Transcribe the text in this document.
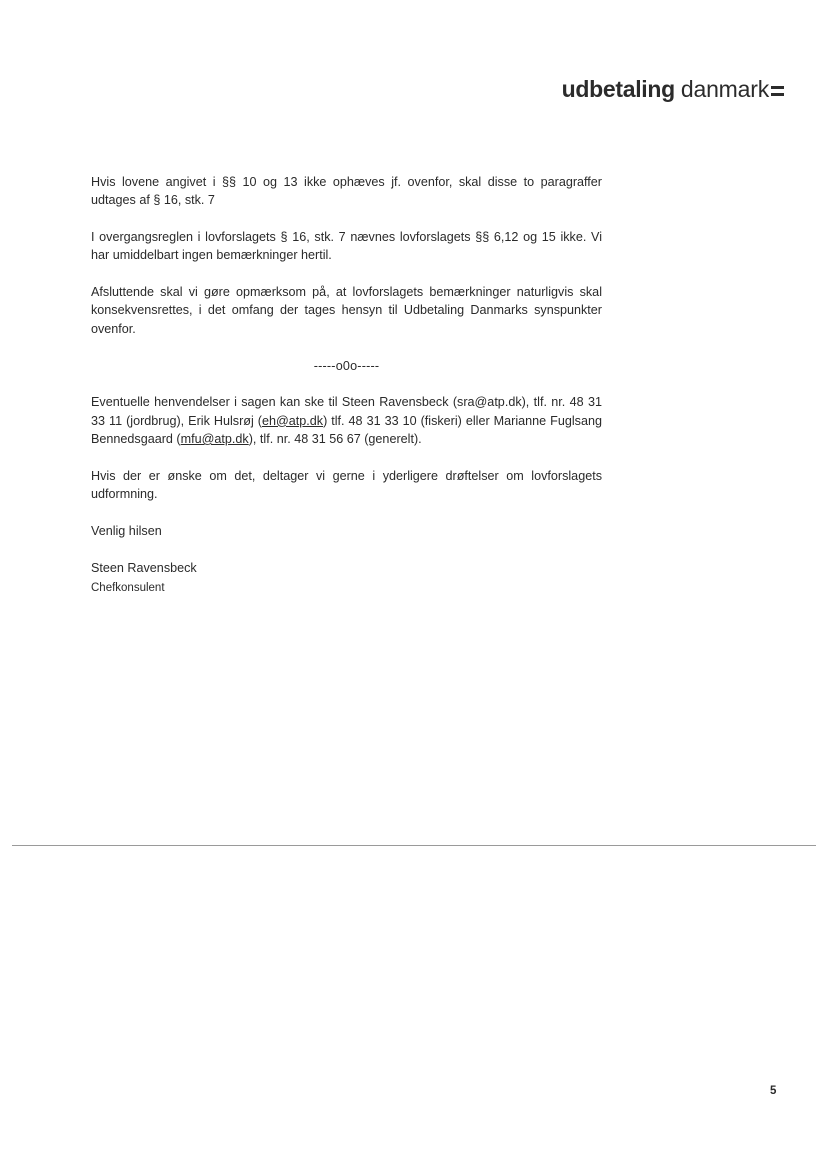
udbetaling danmark

Hvis lovene angivet i §§ 10 og 13 ikke ophæves jf. ovenfor, skal disse to paragraffer udtages af § 16, stk. 7

I overgangsreglen i lovforslagets § 16, stk. 7 nævnes lovforslagets §§ 6,12 og 15 ikke. Vi har umiddelbart ingen bemærkninger hertil.

Afsluttende skal vi gøre opmærksom på, at lovforslagets bemærkninger naturligvis skal konsekvensrettes, i det omfang der tages hensyn til Udbetaling Danmarks synspunkter ovenfor.

-----o0o-----

Eventuelle henvendelser i sagen kan ske til Steen Ravensbeck (sra@atp.dk), tlf. nr. 48 31 33 11 (jordbrug), Erik Hulsrøj (eh@atp.dk) tlf. 48 31 33 10 (fiskeri) eller Marianne Fuglsang Bennedsgaard (mfu@atp.dk), tlf. nr. 48 31 56 67 (generelt).

Hvis der er ønske om det, deltager vi gerne i yderligere drøftelser om lovforslagets udformning.

Venlig hilsen

Steen Ravensbeck

Chefkonsulent

5
